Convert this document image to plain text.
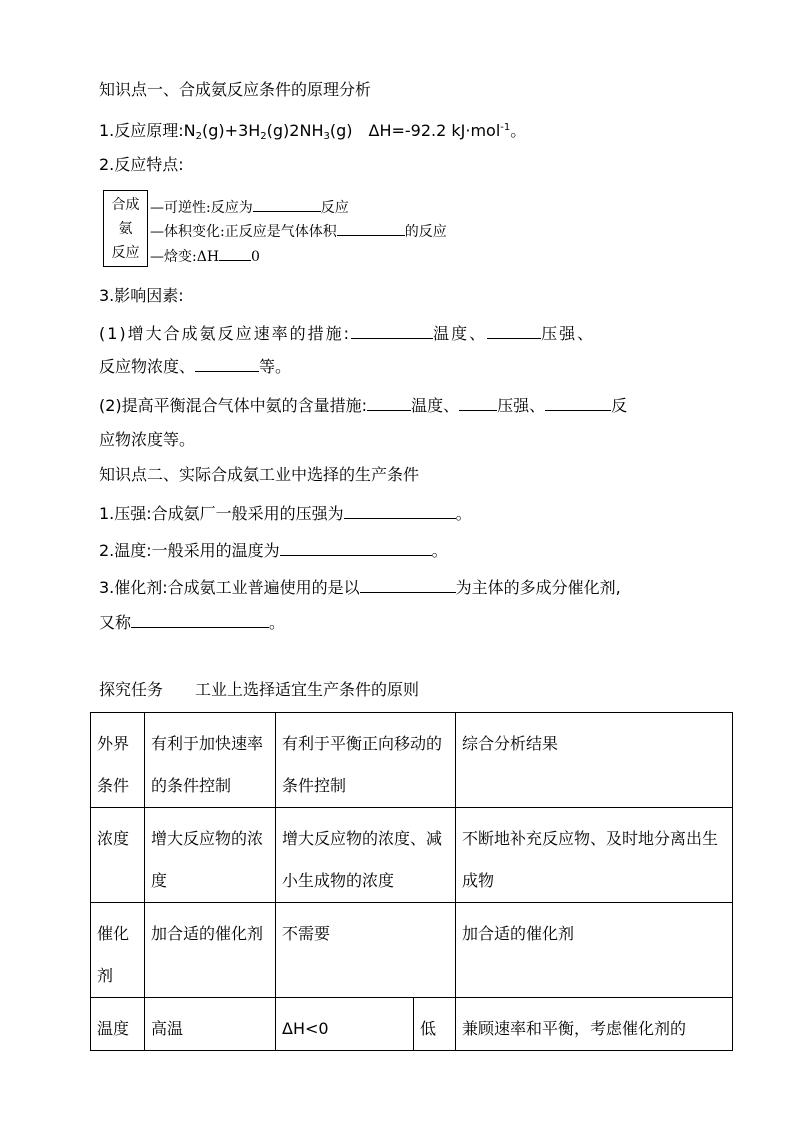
知识点一、合成氨反应条件的原理分析
1.反应原理$:N_2(g)+3H_2(g)2NH_3(g)$　ΔH=-92.2 kJ·mol$^{-1}$。
2.反应特点:
合成
氨
反应
—可逆性:反应为	反应
—体积变化:正反应是气体体积	的反应
—焓变:ΔH 0
3.影响因素:
(1)增大合成氨反应速率的措施:	温度、	压强、
反应物浓度、	等。
(2)提高平衡混合气体中氨的含量措施:	温度、 压强、	反
应物浓度等。
知识点二、实际合成氨工业中选择的生产条件
1.压强:合成氨厂一般采用的压强为	。
2.温度:一般采用的温度为	。
3.催化剂:合成氨工业普遍使用的是以	为主体的多成分催化剂,
又称	。
探究任务　　工业上选择适宜生产条件的原则
外界条件	有利于加快速率的条件控制	有利于平衡正向移动的条件控制		综合分析结果
浓度	增大反应物的浓度	增大反应物的浓度、减小生成物的浓度		不断地补充反应物、及时地分离出生成物
催化剂	加合适的催化剂	不需要		加合适的催化剂
温度	高温	ΔH<0	低	兼顾速率和平衡，考虑催化剂的
